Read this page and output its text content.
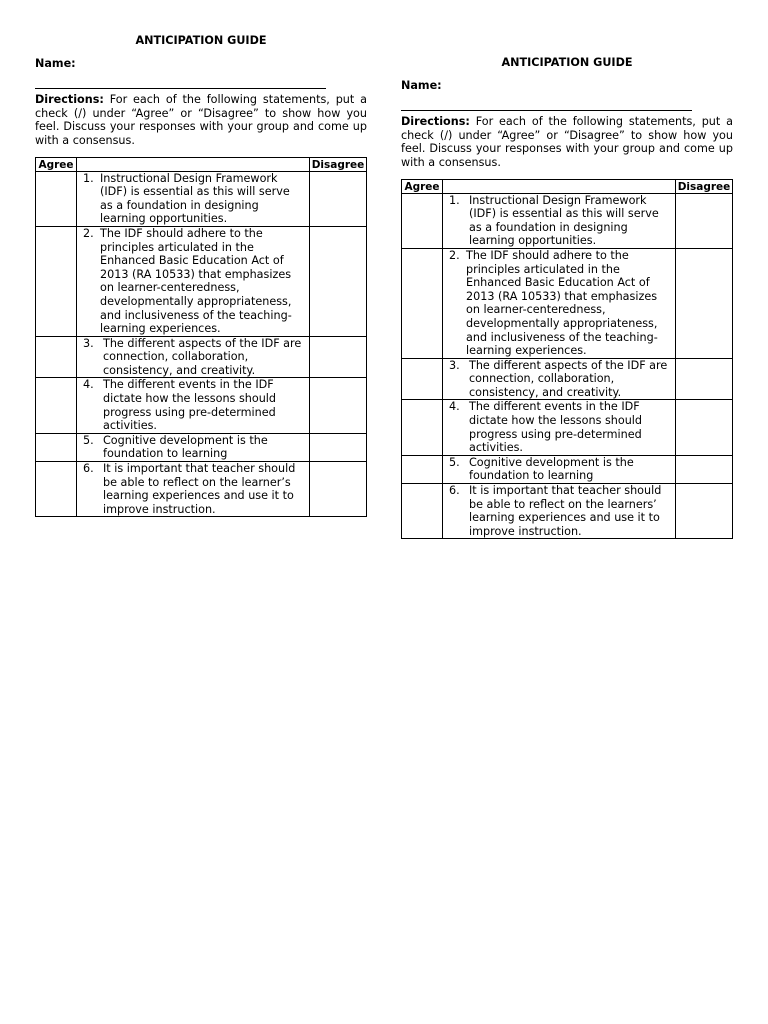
ANTICIPATION GUIDE
Name:
Directions: For each of the following statements, put a check (/) under “Agree” or “Disagree” to show how you feel. Discuss your responses with your group and come up with a consensus.
Agree		Disagree

	1. Instructional Design Framework (IDF) is essential as this will serve as a foundation in designing learning opportunities.	

	2. The IDF should adhere to the principles articulated in the Enhanced Basic Education Act of 2013 (RA 10533) that emphasizes on learner-centeredness, developmentally appropriateness, and inclusiveness of the teaching-learning experiences.	

	3. The different aspects of the IDF are connection, collaboration, consistency, and creativity.	

	4. The different events in the IDF dictate how the lessons should progress using pre-determined activities.	

	5. Cognitive development is the foundation to learning	

	6. It is important that teacher should be able to reflect on the learner’s learning experiences and use it to improve instruction.	

ANTICIPATION GUIDE
Name:
Directions: For each of the following statements, put a check (/) under “Agree” or “Disagree” to show how you feel. Discuss your responses with your group and come up with a consensus.
Agree		Disagree

	1. Instructional Design Framework (IDF) is essential as this will serve as a foundation in designing learning opportunities.	

	2. The IDF should adhere to the principles articulated in the Enhanced Basic Education Act of 2013 (RA 10533) that emphasizes on learner-centeredness, developmentally appropriateness, and inclusiveness of the teaching-learning experiences.	

	3. The different aspects of the IDF are connection, collaboration, consistency, and creativity.	

	4. The different events in the IDF dictate how the lessons should progress using pre-determined activities.	

	5. Cognitive development is the foundation to learning	

	6. It is important that teacher should be able to reflect on the learners’ learning experiences and use it to improve instruction.	
